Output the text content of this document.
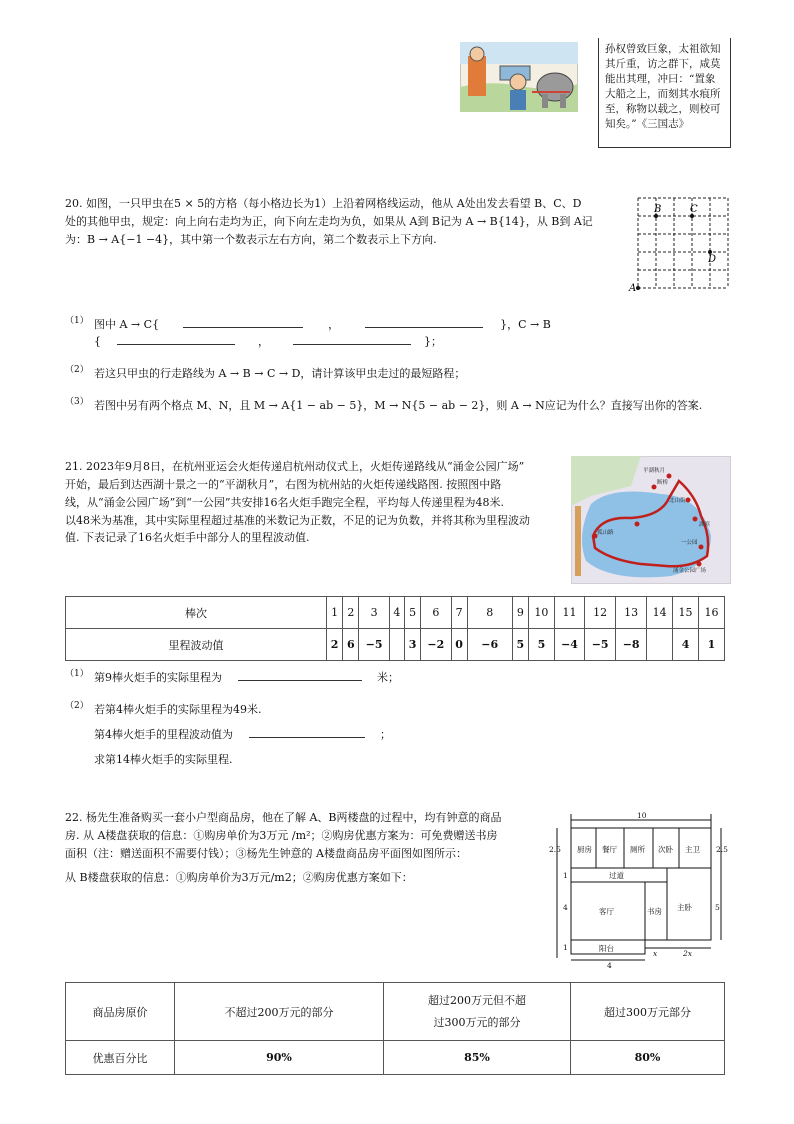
孙权曾致巨象，太祖欲知其斤重，访之群下，咸莫能出其理，冲曰：“置象大船之上，而刻其水痕所至，称物以载之，则校可知矣。”《三国志》
20. 如图，一只甲虫在5 × 5的方格（每小格边长为1）上沿着网格线运动，他从 A处出发去看望 B、C、D
处的其他甲虫，规定：向上向右走均为正，向下向左走均为负，如果从 A到 B记为 A → B{14}，从 B到 A记
为：B → A{−1 −4}，其中第一个数表示左右方向，第二个数表示上下方向.
A
B	C
D
（1） 图中 A → C{	，	}，C → B
{	，	}；
（2） 若这只甲虫的行走路线为 A → B → C → D，请计算该甲虫走过的最短路程；
（3） 若图中另有两个格点 M、N，且 M → A{1 − ab − 5}，M → N{5 − ab − 2}，则 A → N应记为什么？直接写出你的答案.
21. 2023年9月8日，在杭州亚运会火炬传递启杭州动仪式上，火炬传递路线从“涌金公园广场”
开始，最后到达西湖十景之一的“平湖秋月”，右图为杭州站的火炬传递线路图. 按照图中路
线，从“涌金公园广场”到“一公园”共安排16名火炬手跑完全程，平均每人传递里程为48米.
以48米为基准，其中实际里程超过基准的米数记为正数，不足的记为负数，并将其称为里程波动
值. 下表记录了16名火炬手中部分人的里程波动值.
平湖秋月
断桥
北山街
孤山路
一公园
湖滨
涌金公园广场
棒次	1	2	3	4	5	6	7	8	9	10	11	12	13	14	15	16
里程波动值	2	6	−5		3	−2	0	−6	5	5	−4	−5	−8		4	1
（1） 第9棒火炬手的实际里程为	米；
（2） 若第4棒火炬手的实际里程为49米.
第4棒火炬手的里程波动值为	；
求第14棒火炬手的实际里程.
22. 杨先生准备购买一套小户型商品房，他在了解 A、B两楼盘的过程中，均有钟意的商品
房. 从 A楼盘获取的信息：①购房单价为3万元 /m²；②购房优惠方案为：可免费赠送书房
面积（注：赠送面积不需要付钱）；③杨先生钟意的 A楼盘商品房平面图如图所示：
从 B楼盘获取的信息：①购房单价为3万元/m2；②购房优惠方案如下：
10
2.5	2.5
1
4	5
1
4
x	2x
厨房 餐厅 厕所 次卧 主卫
过道
客厅	书房 主卧
阳台
商品房原价	不超过200万元的部分	超过200万元但不超
过300万元的部分	超过300万元部分
优惠百分比	90%	85%	80%
